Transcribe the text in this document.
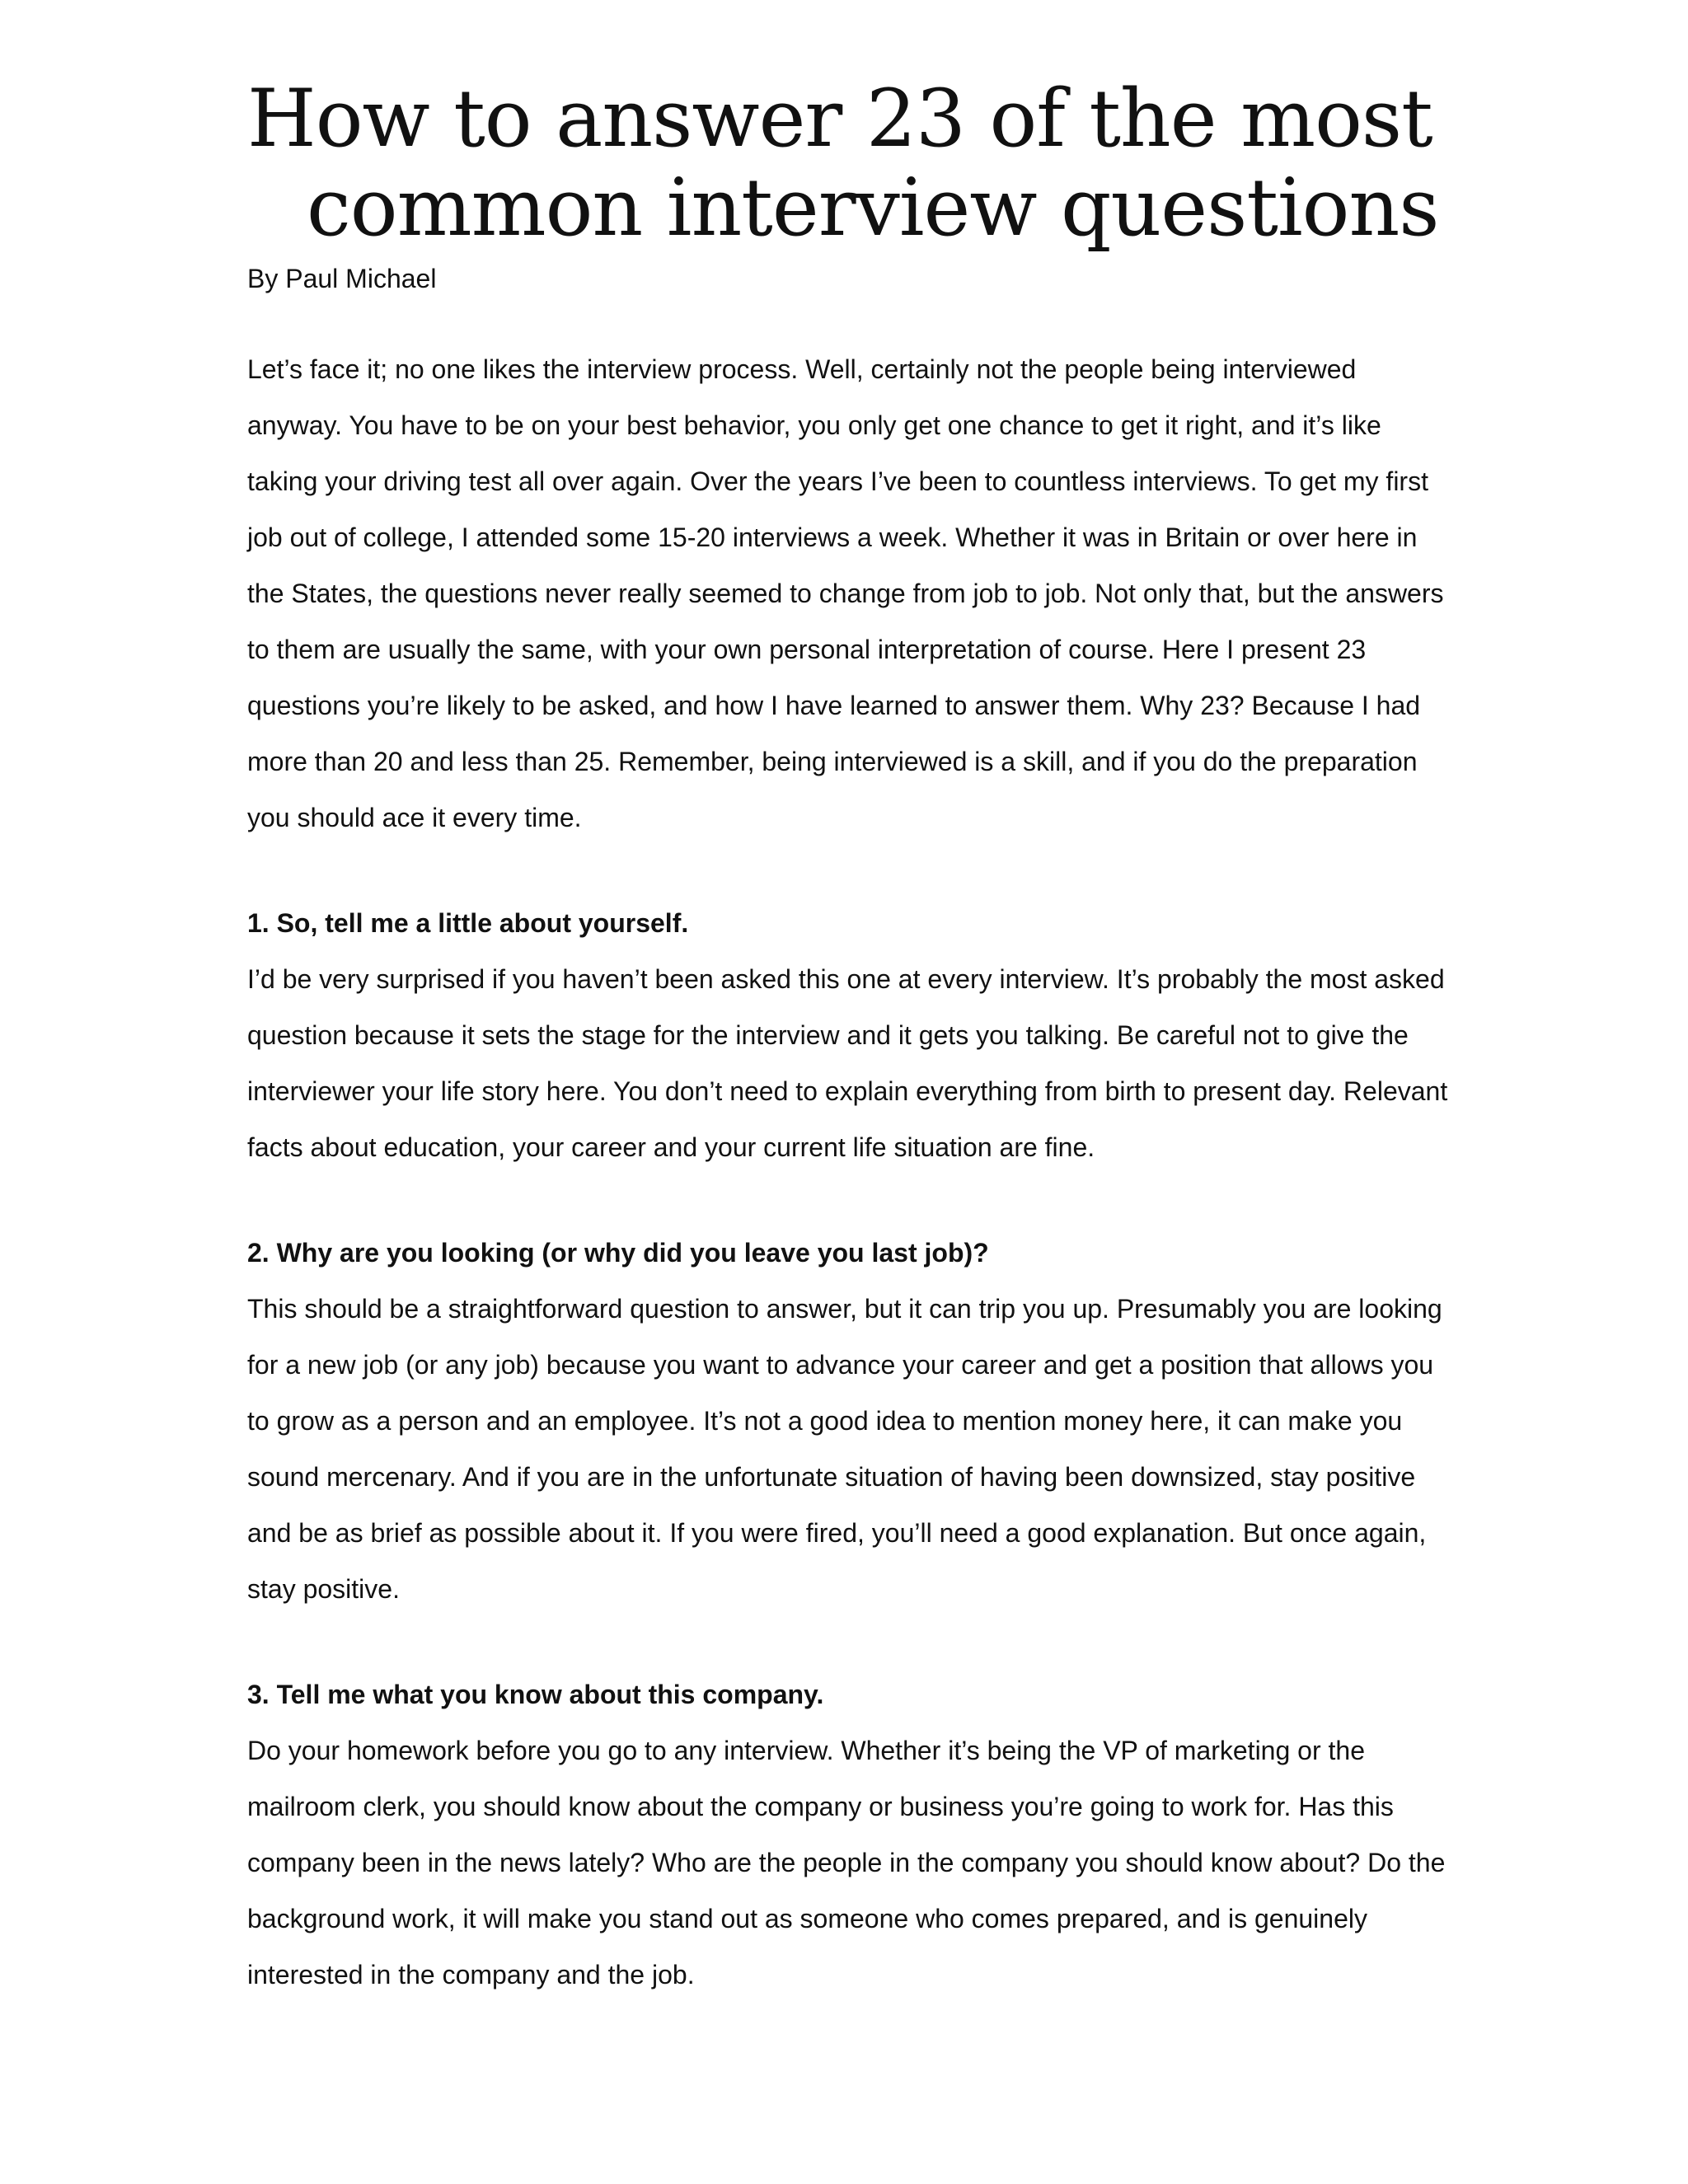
How to answer 23 of the most
common interview questions
By Paul Michael

Let’s face it; no one likes the interview process. Well, certainly not the people being interviewed anyway. You have to be on your best behavior, you only get one chance to get it right, and it’s like taking your driving test all over again. Over the years I’ve been to countless interviews. To get my first job out of college, I attended some 15-20 interviews a week. Whether it was in Britain or over here in the States, the questions never really seemed to change from job to job. Not only that, but the answers to them are usually the same, with your own personal interpretation of course. Here I present 23 questions you’re likely to be asked, and how I have learned to answer them. Why 23? Because I had more than 20 and less than 25. Remember, being interviewed is a skill, and if you do the preparation you should ace it every time.

1. So, tell me a little about yourself.

I’d be very surprised if you haven’t been asked this one at every interview. It’s probably the most asked question because it sets the stage for the interview and it gets you talking. Be careful not to give the interviewer your life story here. You don’t need to explain everything from birth to present day. Relevant facts about education, your career and your current life situation are fine.

2. Why are you looking (or why did you leave you last job)?

This should be a straightforward question to answer, but it can trip you up. Presumably you are looking for a new job (or any job) because you want to advance your career and get a position that allows you to grow as a person and an employee. It’s not a good idea to mention money here, it can make you sound mercenary. And if you are in the unfortunate situation of having been downsized, stay positive and be as brief as possible about it. If you were fired, you’ll need a good explanation. But once again, stay positive.

3. Tell me what you know about this company.

Do your homework before you go to any interview. Whether it’s being the VP of marketing or the mailroom clerk, you should know about the company or business you’re going to work for. Has this company been in the news lately? Who are the people in the company you should know about? Do the background work, it will make you stand out as someone who comes prepared, and is genuinely interested in the company and the job.
